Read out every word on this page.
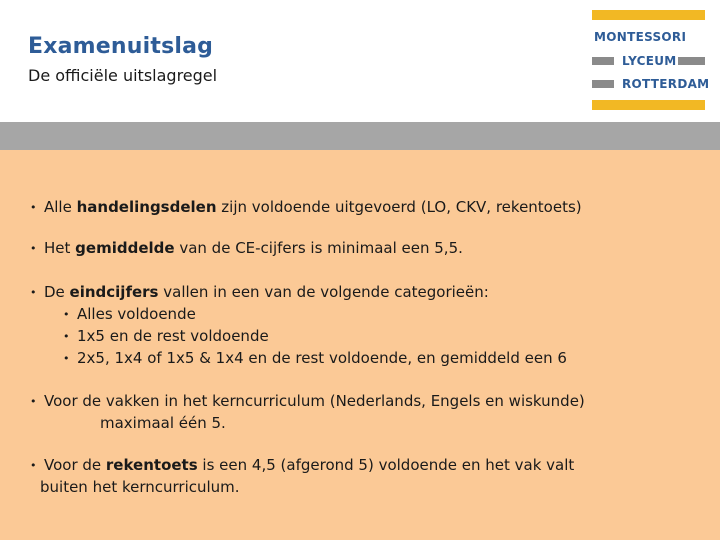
Examenuitslag
De officiële uitslagregel
MONTESSORI
LYCEUM
ROTTERDAM
• Alle handelingsdelen zijn voldoende uitgevoerd (LO, CKV, rekentoets)
• Het gemiddelde van de CE-cijfers is minimaal een 5,5.
• De eindcijfers vallen in een van de volgende categorieën:
• Alles voldoende
• 1x5 en de rest voldoende
• 2x5, 1x4 of 1x5 & 1x4 en de rest voldoende, en gemiddeld een 6
• Voor de vakken in het kerncurriculum (Nederlands, Engels en wiskunde)
maximaal één 5.
• Voor de rekentoets is een 4,5 (afgerond 5) voldoende en het vak valt
buiten het kerncurriculum.
